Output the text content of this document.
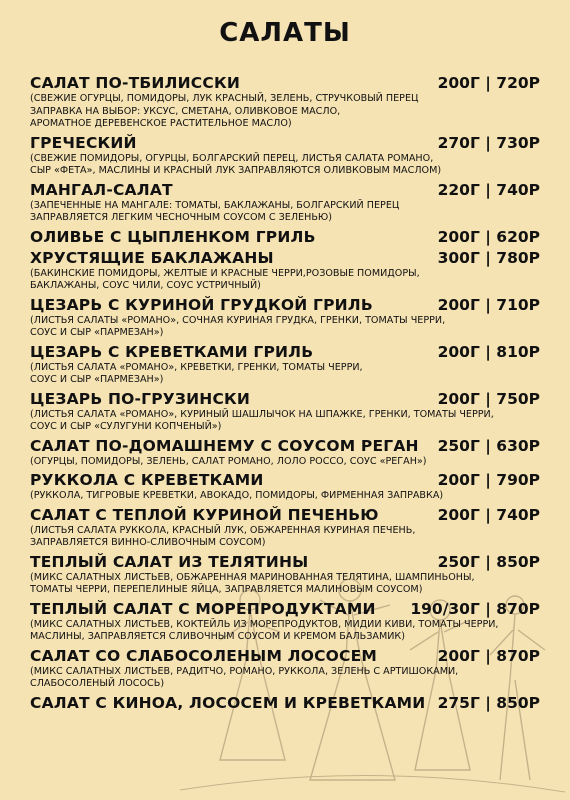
САЛАТЫ
САЛАТ ПО-ТБИЛИССКИ	200Г | 720Р
(СВЕЖИЕ ОГУРЦЫ, ПОМИДОРЫ, ЛУК КРАСНЫЙ, ЗЕЛЕНЬ, СТРУЧКОВЫЙ ПЕРЕЦ
ЗАПРАВКА НА ВЫБОР: УКСУС, СМЕТАНА, ОЛИВКОВОЕ МАСЛО,
АРОМАТНОЕ ДЕРЕВЕНСКОЕ РАСТИТЕЛЬНОЕ МАСЛО)
ГРЕЧЕСКИЙ	270Г | 730Р
(СВЕЖИЕ ПОМИДОРЫ, ОГУРЦЫ, БОЛГАРСКИЙ ПЕРЕЦ, ЛИСТЬЯ САЛАТА РОМАНО,
СЫР «ФЕТА», МАСЛИНЫ И КРАСНЫЙ ЛУК ЗАПРАВЛЯЮТСЯ ОЛИВКОВЫМ МАСЛОМ)
МАНГАЛ-САЛАТ	220Г | 740Р
(ЗАПЕЧЕННЫЕ НА МАНГАЛЕ: ТОМАТЫ, БАКЛАЖАНЫ, БОЛГАРСКИЙ ПЕРЕЦ
ЗАПРАВЛЯЕТСЯ ЛЕГКИМ ЧЕСНОЧНЫМ СОУСОМ С ЗЕЛЕНЬЮ)
ОЛИВЬЕ С ЦЫПЛЕНКОМ ГРИЛЬ	200Г | 620Р
ХРУСТЯЩИЕ БАКЛАЖАНЫ	300Г | 780Р
(БАКИНСКИЕ ПОМИДОРЫ, ЖЕЛТЫЕ И КРАСНЫЕ ЧЕРРИ,РОЗОВЫЕ ПОМИДОРЫ,
БАКЛАЖАНЫ, СОУС ЧИЛИ, СОУС УСТРИЧНЫЙ)
ЦЕЗАРЬ С КУРИНОЙ ГРУДКОЙ ГРИЛЬ	200Г | 710Р
(ЛИСТЬЯ САЛАТЫ «РОМАНО», СОЧНАЯ КУРИНАЯ ГРУДКА, ГРЕНКИ, ТОМАТЫ ЧЕРРИ,
СОУС И СЫР «ПАРМЕЗАН»)
ЦЕЗАРЬ С КРЕВЕТКАМИ ГРИЛЬ	200Г | 810Р
(ЛИСТЬЯ САЛАТА «РОМАНО», КРЕВЕТКИ, ГРЕНКИ, ТОМАТЫ ЧЕРРИ,
СОУС И СЫР «ПАРМЕЗАН»)
ЦЕЗАРЬ ПО-ГРУЗИНСКИ	200Г | 750Р
(ЛИСТЬЯ САЛАТА «РОМАНО», КУРИНЫЙ ШАШЛЫЧОК НА ШПАЖКЕ, ГРЕНКИ, ТОМАТЫ ЧЕРРИ,
СОУС И СЫР «СУЛУГУНИ КОПЧЕНЫЙ»)
САЛАТ ПО-ДОМАШНЕМУ С СОУСОМ РЕГАН 250Г | 630Р
(ОГУРЦЫ, ПОМИДОРЫ, ЗЕЛЕНЬ, САЛАТ РОМАНО, ЛОЛО РОССО, СОУС «РЕГАН»)
РУККОЛА С КРЕВЕТКАМИ	200Г | 790Р
(РУККОЛА, ТИГРОВЫЕ КРЕВЕТКИ, АВОКАДО, ПОМИДОРЫ, ФИРМЕННАЯ ЗАПРАВКА)
САЛАТ С ТЕПЛОЙ КУРИНОЙ ПЕЧЕНЬЮ	200Г | 740Р
(ЛИСТЬЯ САЛАТА РУККОЛА, КРАСНЫЙ ЛУК, ОБЖАРЕННАЯ КУРИНАЯ ПЕЧЕНЬ,
ЗАПРАВЛЯЕТСЯ ВИННО-СЛИВОЧНЫМ СОУСОМ)
ТЕПЛЫЙ САЛАТ ИЗ ТЕЛЯТИНЫ	250Г | 850Р
(МИКС САЛАТНЫХ ЛИСТЬЕВ, ОБЖАРЕННАЯ МАРИНОВАННАЯ ТЕЛЯТИНА, ШАМПИНЬОНЫ,
ТОМАТЫ ЧЕРРИ, ПЕРЕПЕЛИНЫЕ ЯЙЦА, ЗАПРАВЛЯЕТСЯ МАЛИНОВЫМ СОУСОМ)
ТЕПЛЫЙ САЛАТ С МОРЕПРОДУКТАМИ 190/30Г | 870Р
(МИКС САЛАТНЫХ ЛИСТЬЕВ, КОКТЕЙЛЬ ИЗ МОРЕПРОДУКТОВ, МИДИИ КИВИ, ТОМАТЫ ЧЕРРИ,
МАСЛИНЫ, ЗАПРАВЛЯЕТСЯ СЛИВОЧНЫМ СОУСОМ И КРЕМОМ БАЛЬЗАМИК)
САЛАТ СО СЛАБОСОЛЕНЫМ ЛОСОСЕМ	200Г | 870Р
(МИКС САЛАТНЫХ ЛИСТЬЕВ, РАДИТЧО, РОМАНО, РУККОЛА, ЗЕЛЕНЬ С АРТИШОКАМИ,
СЛАБОСОЛЕНЫЙ ЛОСОСЬ)
САЛАТ С КИНОА, ЛОСОСЕМ И КРЕВЕТКАМИ 275Г | 850Р
